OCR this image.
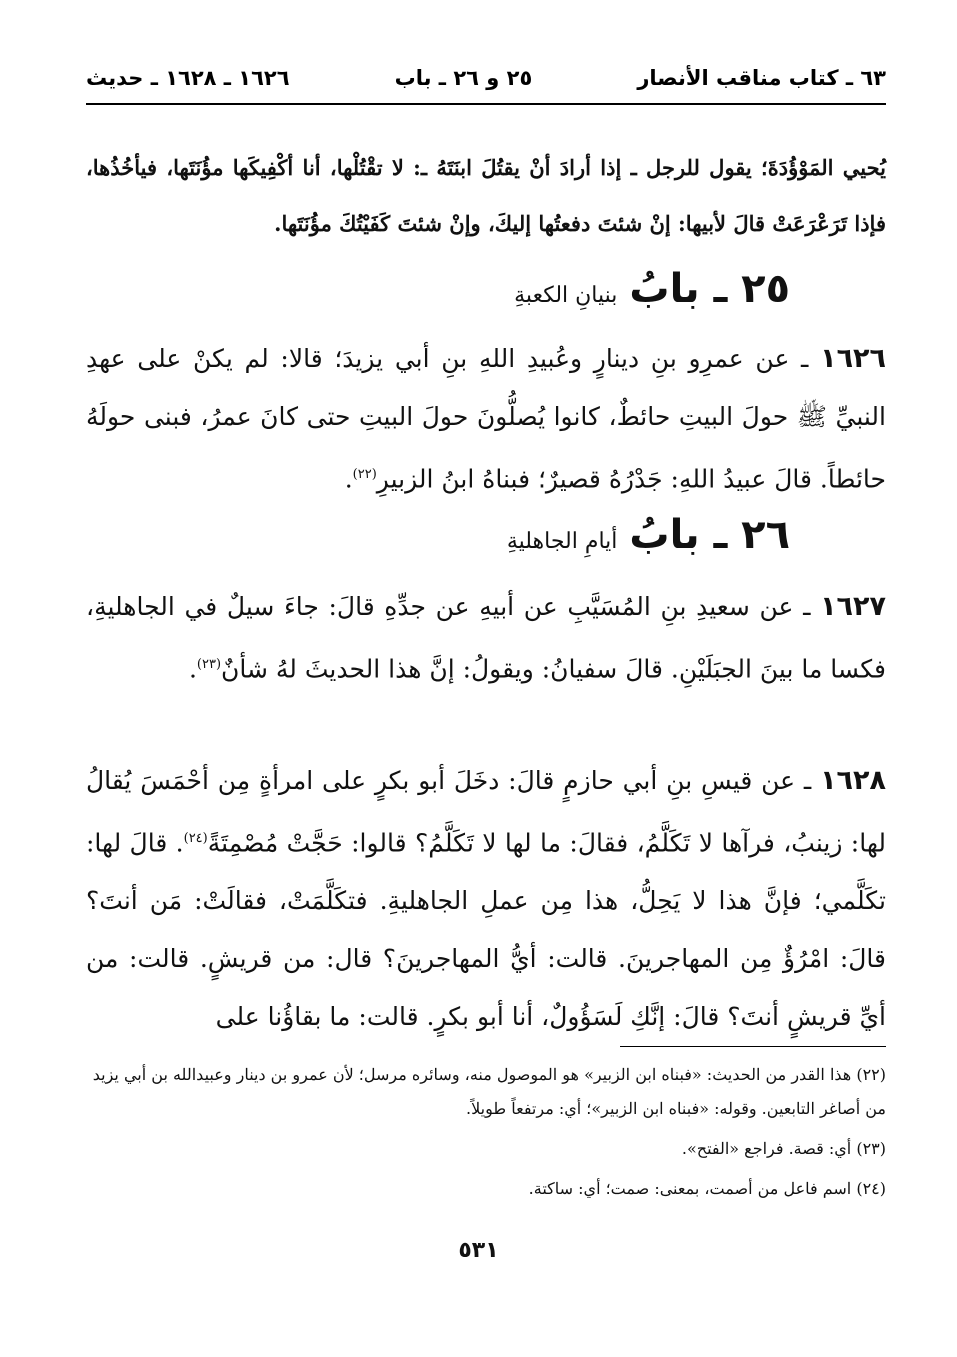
٦٣ ـ كتاب مناقب الأنصار
٢٥ و ٢٦ ـ باب
١٦٢٦ ـ ١٦٢٨ ـ حديث
يُحيي المَوْؤُدَةَ؛ يقول للرجل ـ إذا أرادَ أنْ يقتُلَ ابنَتَهُ ـ: لا تقْتُلْها، أنا أكْفِيكَها مؤُنَتَها، فيأخُذُها، فإذا تَرَعْرَعَتْ قالَ لأبيها: إنْ شئتَ دفعتُها إليكَ، وإنْ شئتَ كَفَيْتُكَ مؤُنَتَها.
٢٥ ـ بابُ
بنيانِ الكعبةِ
١٦٢٦ ـ عن عمرِو بنِ دينارٍ وعُبيدِ اللهِ بنِ أبي يزيدَ؛ قالا: لم يكنْ على عهدِ النبيِّ ﷺ حولَ البيتِ حائطٌ، كانوا يُصلُّونَ حولَ البيتِ حتى كانَ عمرُ، فبنى حولَهُ حائطاً. قالَ عبيدُ اللهِ: جَدْرُهُ قصيرٌ؛ فبناهُ ابنُ الزبيرِ$^{(٢٢)}$.
٢٦ ـ بابُ
أيامِ الجاهليةِ
١٦٢٧ ـ عن سعيدِ بنِ المُسَيَّبِ عن أبيهِ عن جدِّهِ قالَ: جاءَ سيلٌ في الجاهليةِ، فكسا ما بينَ الجبَلَيْنِ. قالَ سفيانُ: ويقولُ: إنَّ هذا الحديثَ لهُ شأنٌ$^{(٢٣)}$.
١٦٢٨ ـ عن قيسِ بنِ أبي حازمٍ قالَ: دخَلَ أبو بكرٍ على امرأةٍ مِن أحْمَسَ يُقالُ لها: زينبُ، فرآها لا تَكَلَّمُ، فقالَ: ما لها لا تَكَلَّمُ؟ قالوا: حَجَّتْ مُصْمِتَةً$^{(٢٤)}$. قالَ لها: تكَلَّمي؛ فإنَّ هذا لا يَحِلُّ، هذا مِن عملِ الجاهليةِ. فتكَلَّمَتْ، فقالَتْ: مَن أنتَ؟ قالَ: امْرُؤٌ مِن المهاجرينَ. قالت: أيُّ المهاجرينَ؟ قال: من قريشٍ. قالت: من أيِّ قريشٍ أنتَ؟ قالَ: إنَّكِ لَسَؤُولٌ، أنا أبو بكرٍ. قالت: ما بقاؤُنا على

(٢٢) هذا القدر من الحديث: «فبناه ابن الزبير» هو الموصول منه، وسائره مرسل؛ لأن عمرو بن دينار وعبيدالله بن أبي يزيد من أصاغر التابعين. وقوله: «فبناه ابن الزبير»؛ أي: مرتفعاً طويلاً.

(٢٣) أي: قصة. فراجع «الفتح».

(٢٤) اسم فاعل من أصمت، بمعنى: صمت؛ أي: ساكتة.

٥٣١
